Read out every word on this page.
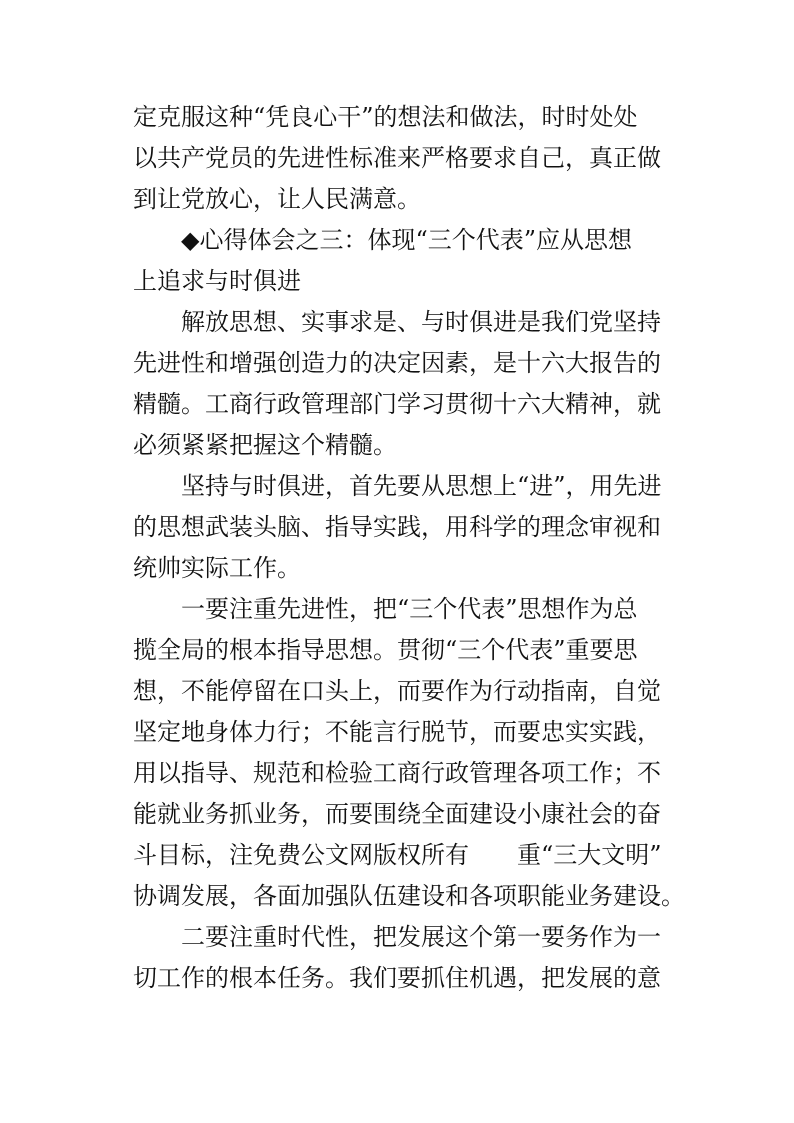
定克服这种“凭良心干”的想法和做法，时时处处
以共产党员的先进性标准来严格要求自己，真正做
到让党放心，让人民满意。
◆心得体会之三：体现“三个代表”应从思想
上追求与时俱进
解放思想、实事求是、与时俱进是我们党坚持
先进性和增强创造力的决定因素，是十六大报告的
精髓。工商行政管理部门学习贯彻十六大精神，就
必须紧紧把握这个精髓。
坚持与时俱进，首先要从思想上“进”，用先进
的思想武装头脑、指导实践，用科学的理念审视和
统帅实际工作。
一要注重先进性，把“三个代表”思想作为总
揽全局的根本指导思想。贯彻“三个代表”重要思
想，不能停留在口头上，而要作为行动指南，自觉
坚定地身体力行；不能言行脱节，而要忠实实践，
用以指导、规范和检验工商行政管理各项工作；不
能就业务抓业务，而要围绕全面建设小康社会的奋
斗目标，注免费公文网版权所有　　重“三大文明”
协调发展，各面加强队伍建设和各项职能业务建设。
二要注重时代性，把发展这个第一要务作为一
切工作的根本任务。我们要抓住机遇，把发展的意
